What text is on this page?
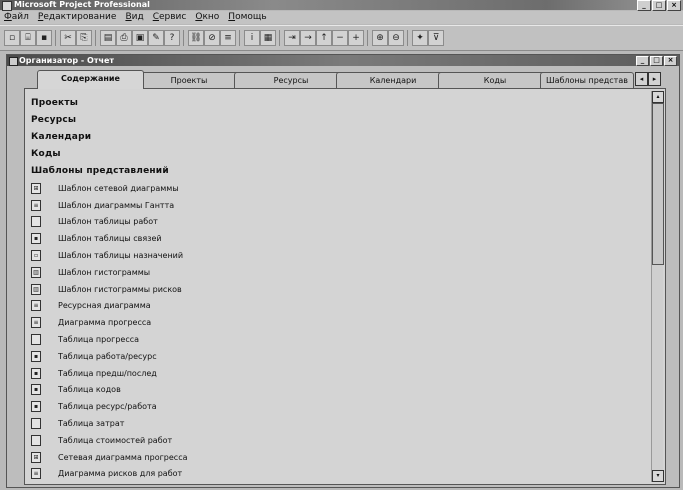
Microsoft Project Professional	_	□	×
Файл Редактирование Вид Сервис Окно Помощь
▫	⌸	▪	✂ ⎘	▤ ⎙ ▣ ✎	?	⛓ ⊘ ≡	i	▦	⇥ → ↑ − +	⊕ ⊖	✦ ⊽
Организатор - Отчет	_	□	×
Содержание	Проекты	Ресурсы	Календари	Коды	Шаблоны представ	◂	▸
Проекты
Ресурсы
Календари
Коды
Шаблоны представлений
⊞	Шаблон сетевой диаграммы
≡	Шаблон диаграммы Гантта
Шаблон таблицы работ
▪	Шаблон таблицы связей
▫	Шаблон таблицы назначений
▥ Шаблон гистограммы
▥ Шаблон гистограммы рисков
≡	Ресурсная диаграмма
≡	Диаграмма прогресса
Таблица прогресса
▪	Таблица работа/ресурс
▪	Таблица предш/послед
▪	Таблица кодов
▪	Таблица ресурс/работа
Таблица затрат
Таблица стоимостей работ
⊞	Сетевая диаграмма прогресса
≡	Диаграмма рисков для работ
▴
▾
